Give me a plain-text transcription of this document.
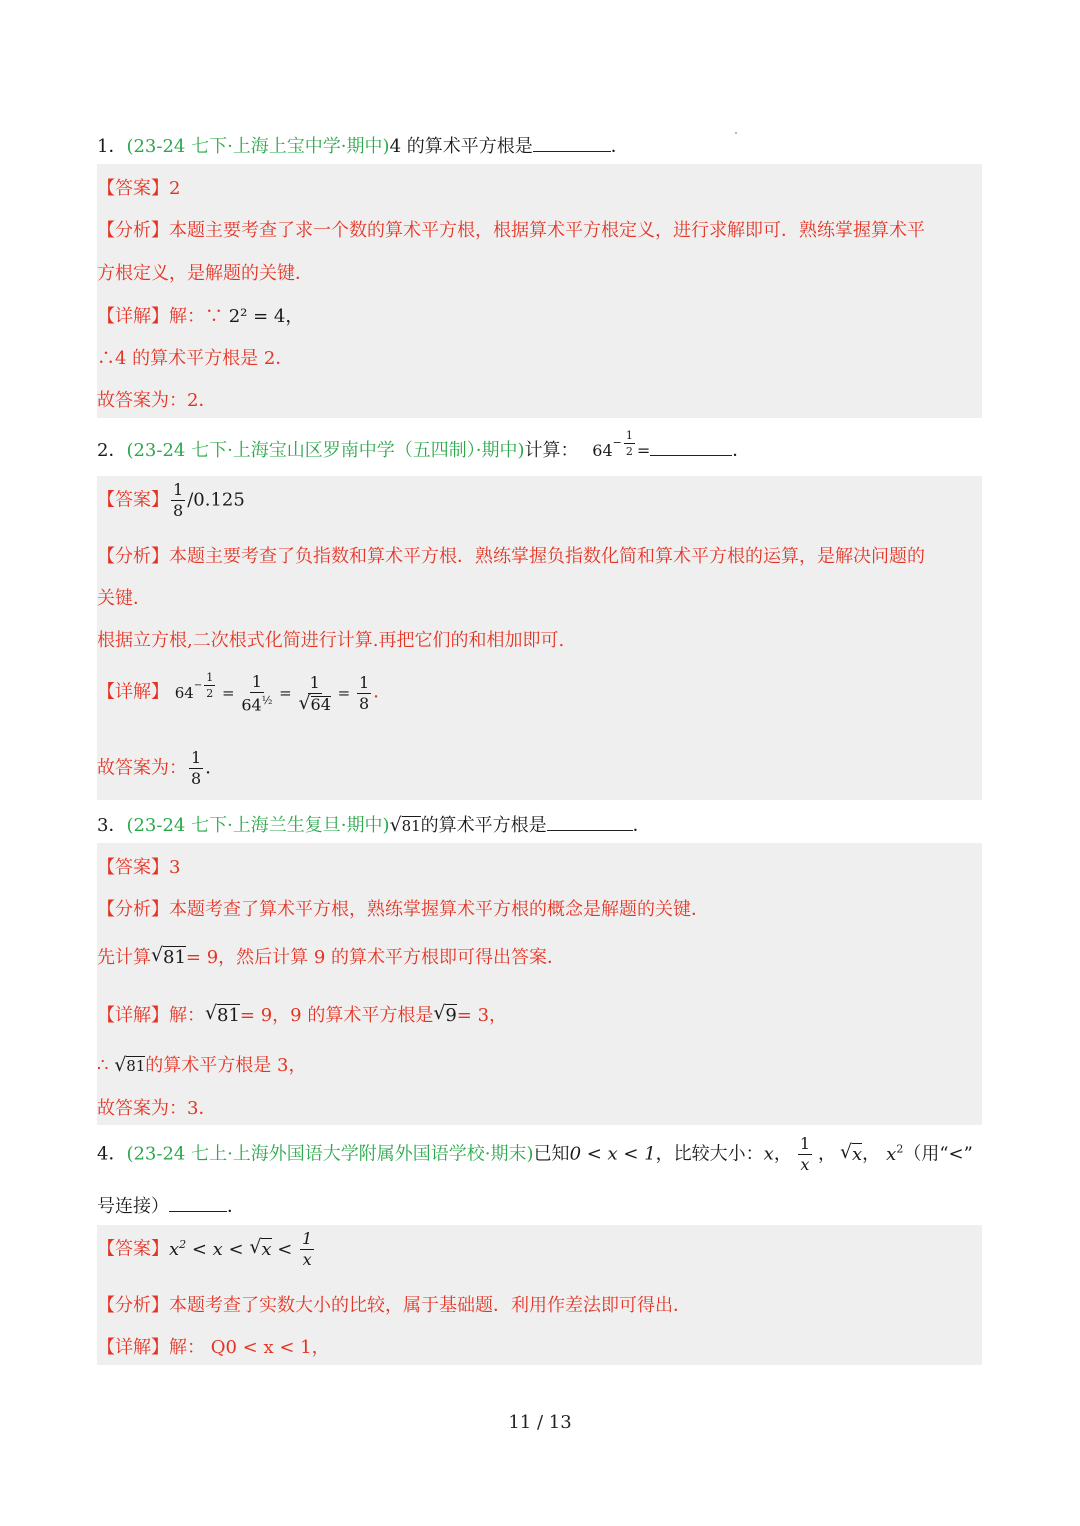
1．(23-24 七下·上海上宝中学·期中)4 的算术平方根是	．
【答案】2
【分析】本题主要考查了求一个数的算术平方根，根据算术平方根定义，进行求解即可．熟练掌握算术平
方根定义，是解题的关键．
【详解】解：∵ 2² = 4，
∴4 的算术平方根是 2．
故答案为：2．
2．(23-24 七下·上海宝山区罗南中学（五四制）·期中)计算： $64^{- \frac{1}{2}}$ =	．
【答案】 $\frac{1}{8} /0.125$
【分析】本题主要考查了负指数和算术平方根．熟练掌握负指数化简和算术平方根的运算，是解决问题的
关键．
根据立方根,二次根式化简进行计算.再把它们的和相加即可.
【详解】 $64^{- \frac{1}{2}} = \frac{1}{64^{\frac{1}{2}}} = 1$
√ $64 = \frac{1}{8}$ ．
故答案为： $\frac{1}{8}$ ．
3．(23-24 七下·上海兰生复旦·期中) √ 81的算术平方根是	．
【答案】3
【分析】本题考查了算术平方根，熟练掌握算术平方根的概念是解题的关键．
先计算 √ 81= 9，然后计算 9 的算术平方根即可得出答案．
【详解】解： √ 81= 9，9 的算术平方根是 √ 9= 3，
∴ √ 81的算术平方根是 3，
故答案为：3．
4．(23-24 七上·上海外国语大学附属外国语学校·期末)已知0 < x < 1，比较大小：x， $\frac{1}{x}$ ， √ x， $x^2$（用“<”
号连接）	．
【答案】$x^2 < x$ < √ $x < \frac{1}{x}$
【分析】本题考查了实数大小的比较，属于基础题．利用作差法即可得出．
【详解】解： Q0 < x < 1，
11 / 13
